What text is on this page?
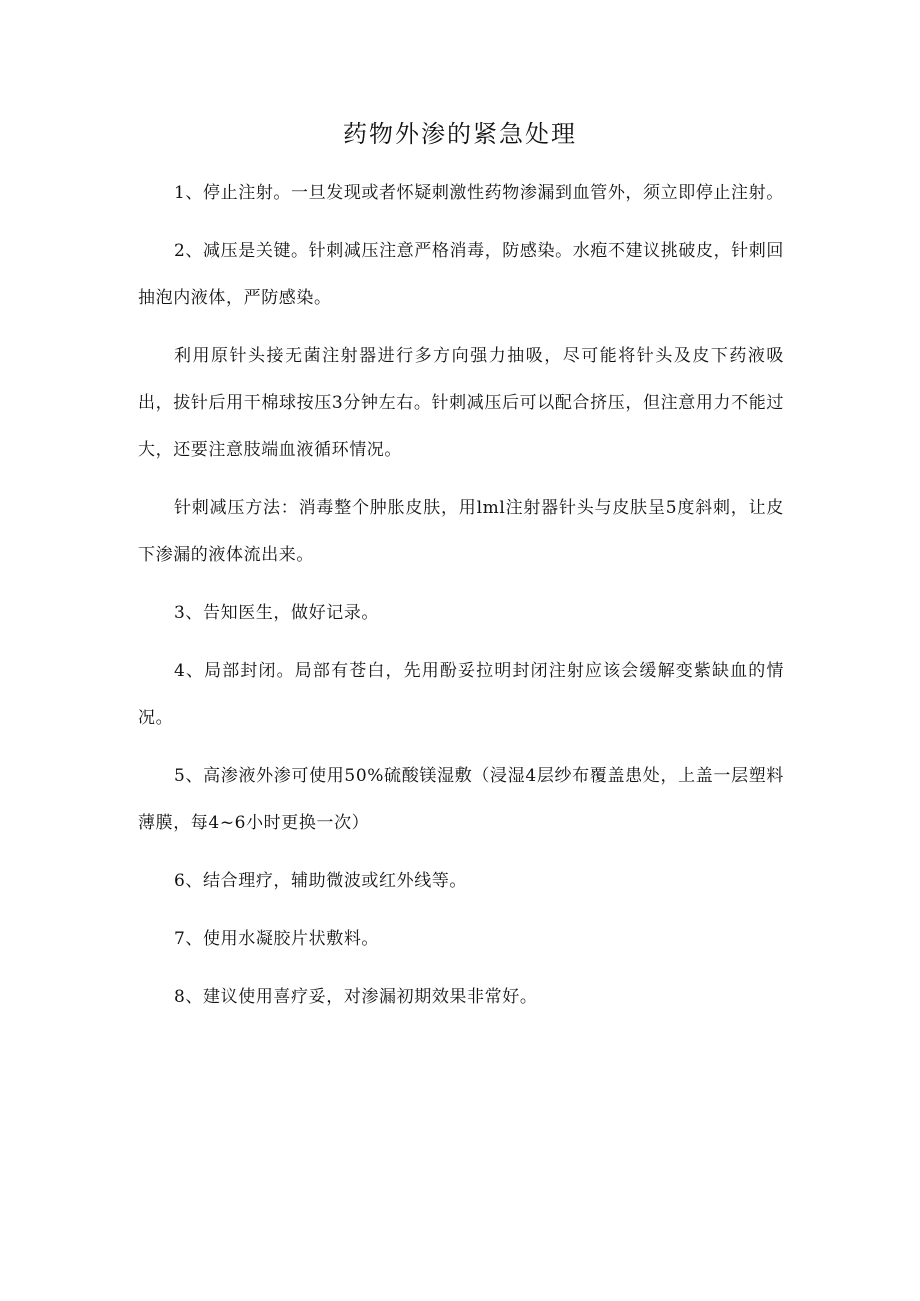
药物外渗的紧急处理

1、停止注射。一旦发现或者怀疑刺激性药物渗漏到血管外，须立即停止注射。

2、减压是关键。针刺减压注意严格消毒，防感染。水疱不建议挑破皮，针刺回抽泡内液体，严防感染。

利用原针头接无菌注射器进行多方向强力抽吸，尽可能将针头及皮下药液吸出，拔针后用干棉球按压3分钟左右。针刺减压后可以配合挤压，但注意用力不能过大，还要注意肢端血液循环情况。

针刺减压方法：消毒整个肿胀皮肤，用lml注射器针头与皮肤呈5度斜刺，让皮下渗漏的液体流出来。

3、告知医生，做好记录。

4、局部封闭。局部有苍白，先用酚妥拉明封闭注射应该会缓解变紫缺血的情况。

5、高渗液外渗可使用50%硫酸镁湿敷（浸湿4层纱布覆盖患处，上盖一层塑料薄膜，每4~6小时更换一次）

6、结合理疗，辅助微波或红外线等。

7、使用水凝胶片状敷料。

8、建议使用喜疗妥，对渗漏初期效果非常好。
